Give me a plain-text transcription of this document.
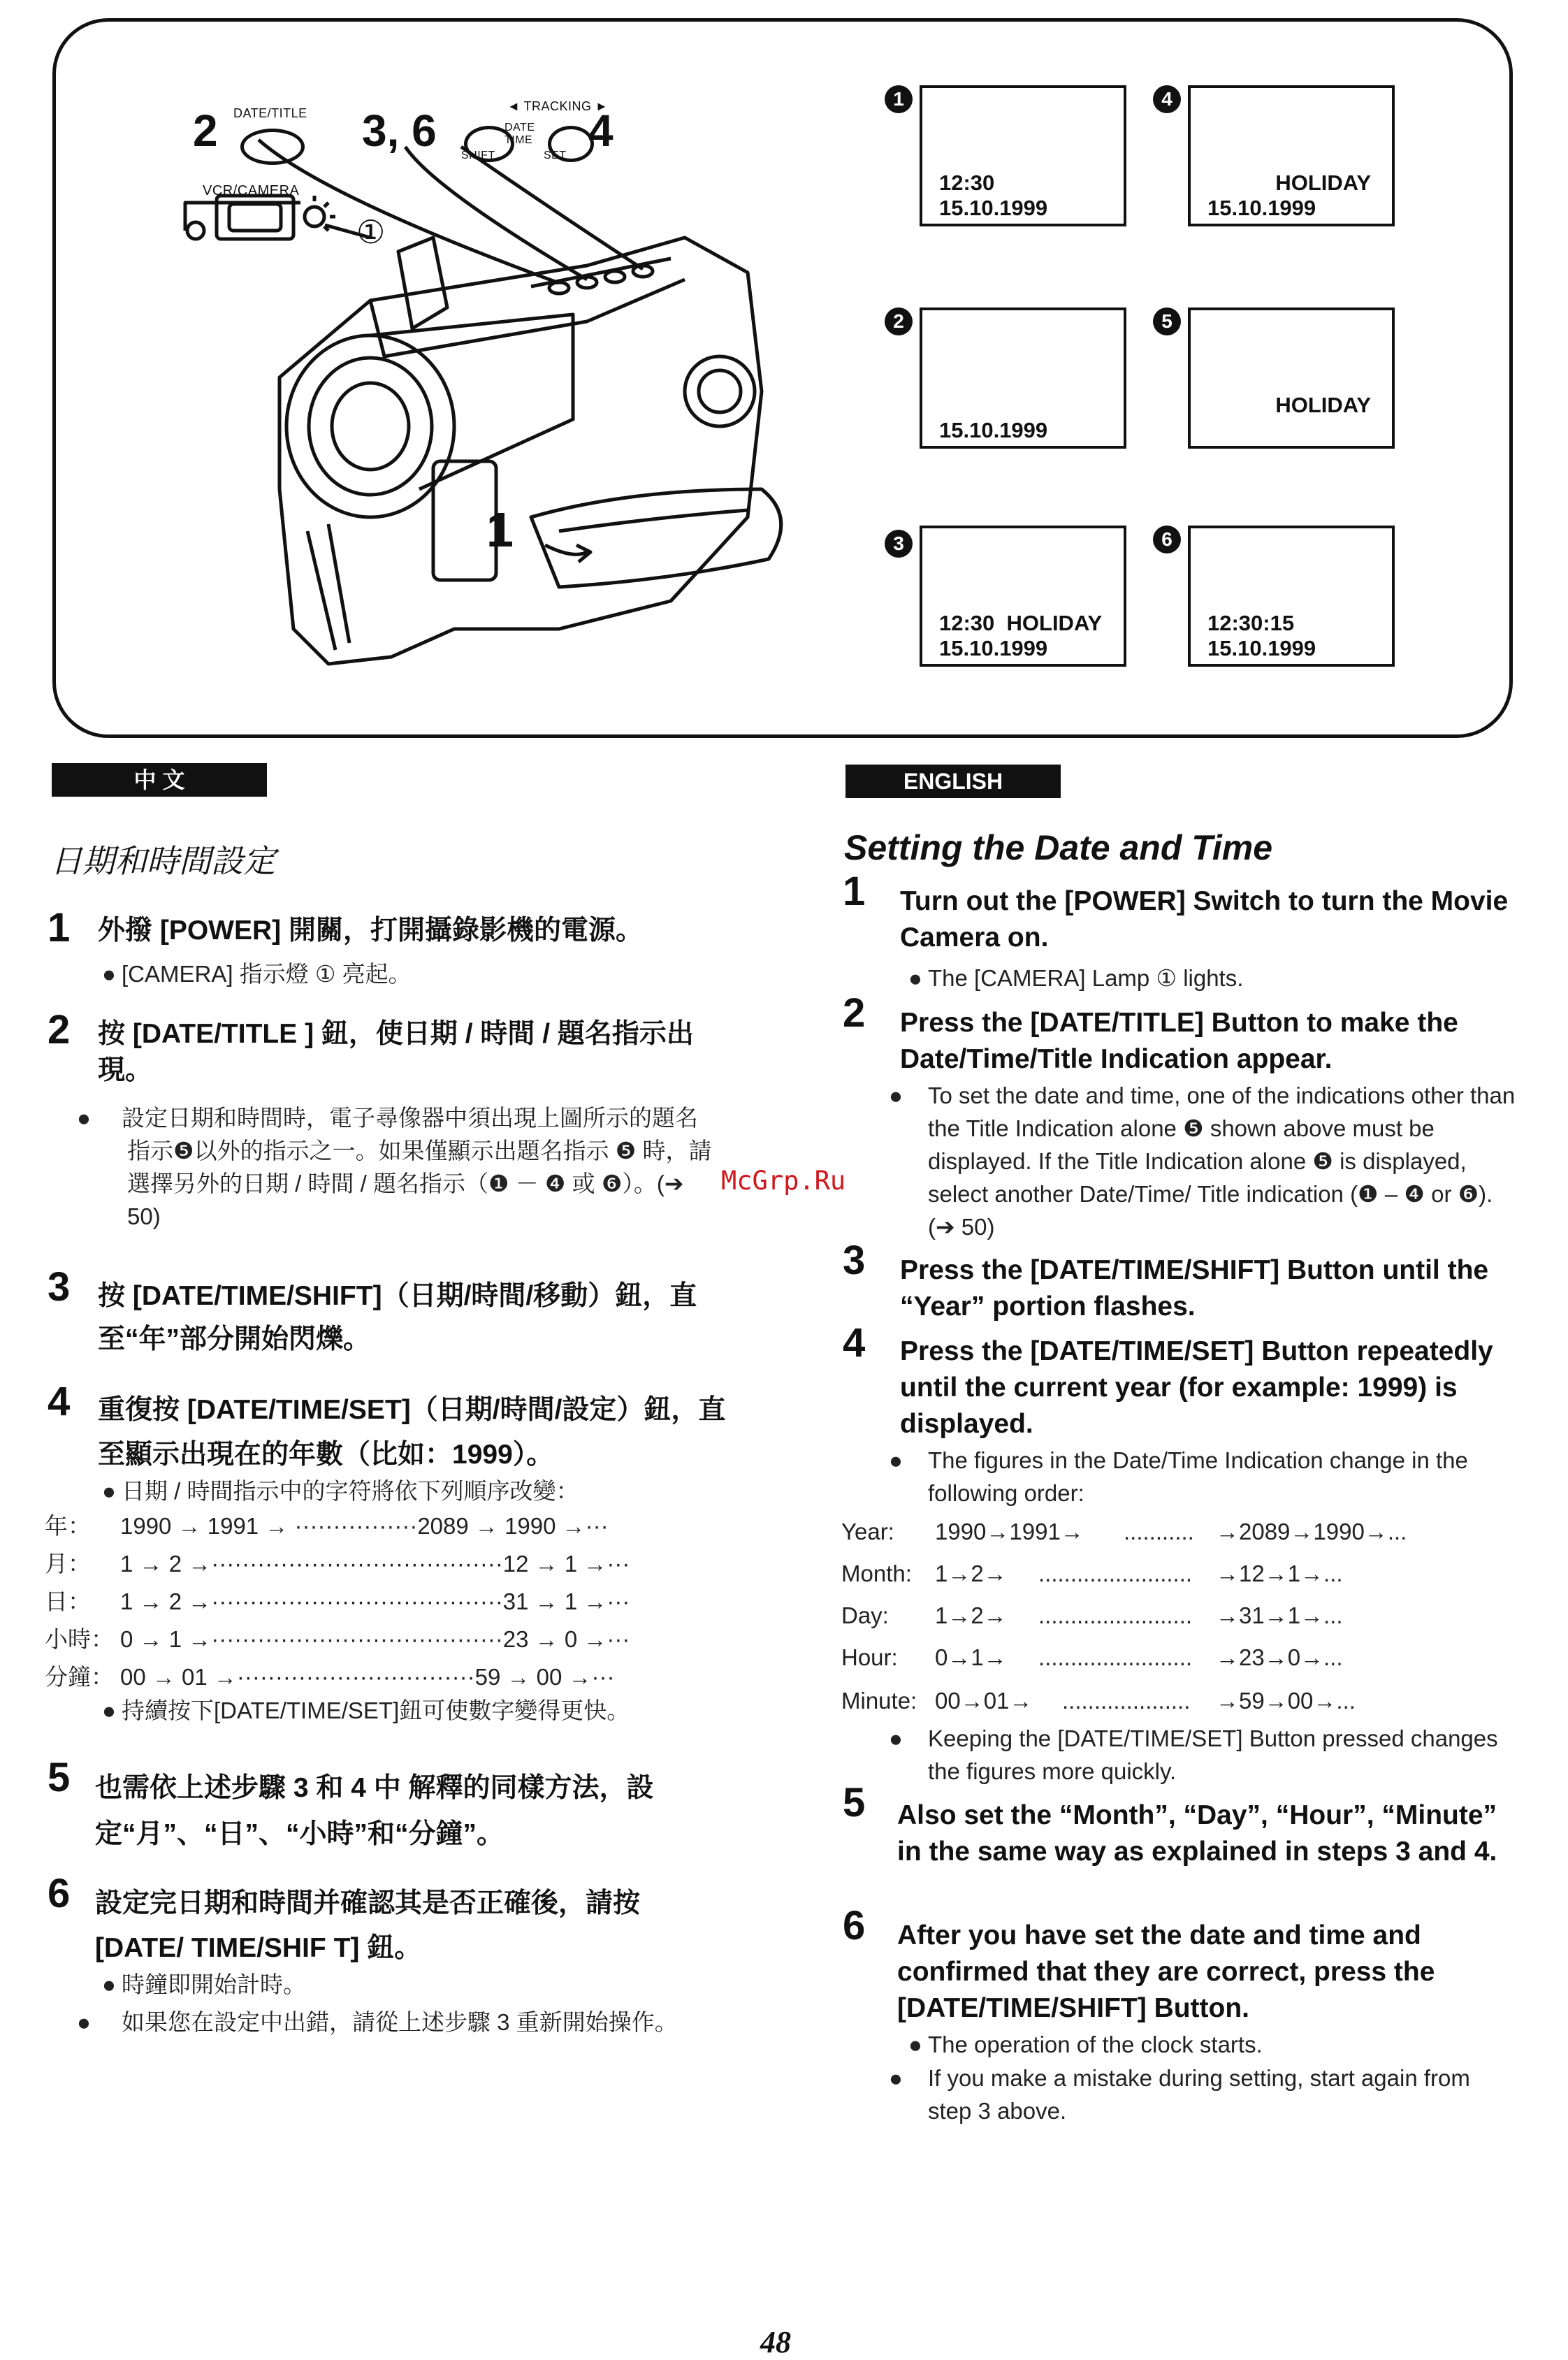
2 DATE/TITLE 3, 6	◄ TRACKING ►
DATE
TIME 4
SHIFT	SET
VCR/CAMERA
①
1
1
12:30
15.10.1999
2
15.10.1999
3
12:30  HOLIDAY
15.10.1999
4
HOLIDAY
15.10.1999
5
HOLIDAY
6
12:30:15
15.10.1999
中 文
日期和時間設定
1 外撥 [POWER] 開關，打開攝錄影機的電源。
● [CAMERA] 指示燈 ① 亮起。
2 按 [DATE/TITLE ] 鈕，使日期 / 時間 / 題名指示出現。
● 設定日期和時間時，電子尋像器中須出現上圖所示的題名指示❺以外的指示之一。如果僅顯示出題名指示 ❺ 時，請選擇另外的日期 / 時間 / 題名指示（❶ － ❹ 或 ❻）。(➔ 50)
3 按 [DATE/TIME/SHIFT]（日期/時間/移動）鈕，直至“年”部分開始閃爍。
4 重復按 [DATE/TIME/SET]（日期/時間/設定）鈕，直至顯示出現在的年數（比如：1999）。
● 日期 / 時間指示中的字符將依下列順序改變：
年： 1990 → 1991 → ················2089 → 1990 →···
月： 1 → 2 →······································12 → 1 →···
日： 1 → 2 →······································31 → 1 →···
小時： 0 → 1 →······································23 → 0 →···
分鐘： 00 → 01 →·······························59 → 00 →···
● 持續按下[DATE/TIME/SET]鈕可使數字變得更快。
5 也需依上述步驟 3 和 4 中 解釋的同樣方法，設定“月”、“日”、“小時”和“分鐘”。
6 設定完日期和時間并確認其是否正確後，請按 [DATE/ TIME/SHIF T] 鈕。
● 時鐘即開始計時。
● 如果您在設定中出錯，請從上述步驟 3 重新開始操作。
McGrp.Ru
ENGLISH
Setting the Date and Time
1 Turn out the [POWER] Switch to turn the Movie Camera on.
● The [CAMERA] Lamp ① lights.
2 Press the [DATE/TITLE] Button to make the Date/Time/Title Indication appear.
● To set the date and time, one of the indications other than the Title Indication alone ❺ shown above must be displayed. If the Title Indication alone ❺ is displayed, select another Date/Time/ Title indication (❶ – ❹ or ❻). (➔ 50)
3 Press the [DATE/TIME/SHIFT] Button until the “Year” portion flashes.
4 Press the [DATE/TIME/SET] Button repeatedly until the current year (for example: 1999) is displayed.
● The figures in the Date/Time Indication change in the following order:
Year: 1990→1991→ ........... →2089→1990→...
Month: 1→2→ ........................ →12→1→...
Day: 1→2→ ........................ →31→1→...
Hour: 0→1→ ........................ →23→0→...
Minute: 00→01→ .................... →59→00→...
● Keeping the [DATE/TIME/SET] Button pressed changes the figures more quickly.
5 Also set the “Month”, “Day”, “Hour”, “Minute” in the same way as explained in steps 3 and 4.
6 After you have set the date and time and confirmed that they are correct, press the [DATE/TIME/SHIFT] Button.
● The operation of the clock starts.
● If you make a mistake during setting, start again from step 3 above.
48
